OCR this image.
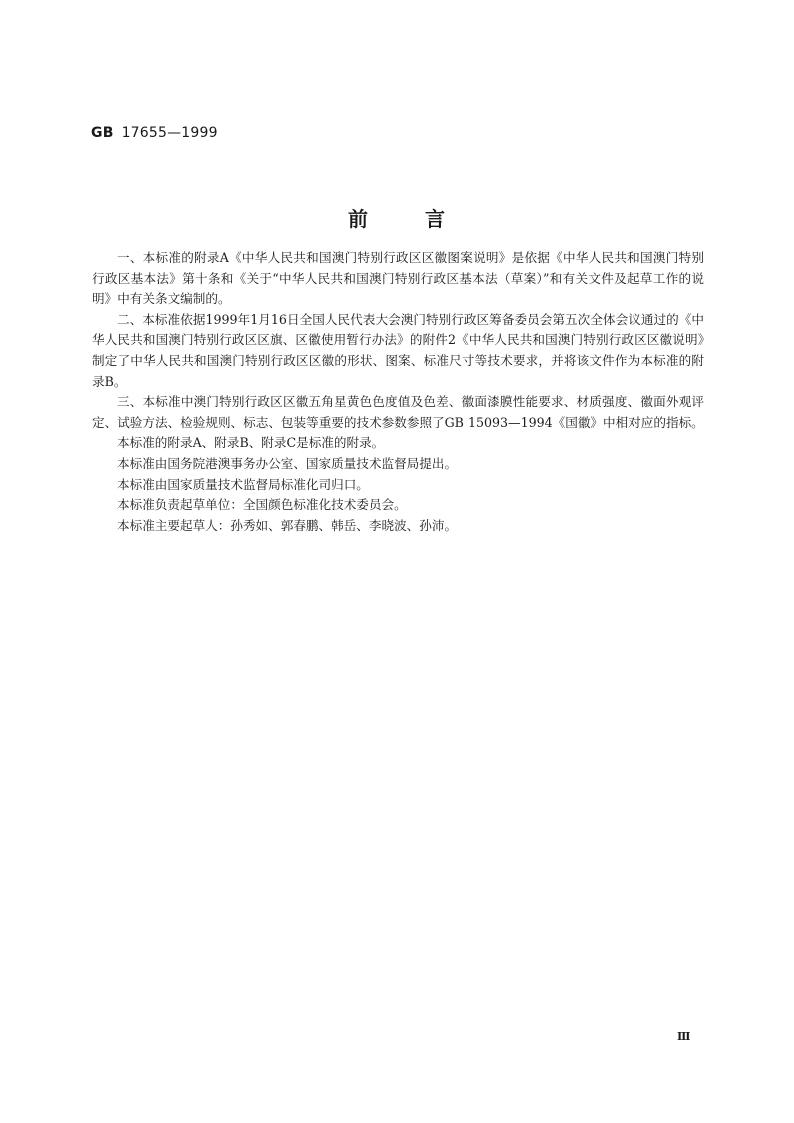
GB 17655—1999
前	言

一、本标准的附录A《中华人民共和国澳门特别行政区区徽图案说明》是依据《中华人民共和国澳门特别行政区基本法》第十条和《关于“中华人民共和国澳门特别行政区基本法（草案）”和有关文件及起草工作的说明》中有关条文编制的。

二、本标准依据1999年1月16日全国人民代表大会澳门特别行政区筹备委员会第五次全体会议通过的《中华人民共和国澳门特别行政区区旗、区徽使用暂行办法》的附件2《中华人民共和国澳门特别行政区区徽说明》制定了中华人民共和国澳门特别行政区区徽的形状、图案、标准尺寸等技术要求，并将该文件作为本标准的附录B。

三、本标准中澳门特别行政区区徽五角星黄色色度值及色差、徽面漆膜性能要求、材质强度、徽面外观评定、试验方法、检验规则、标志、包装等重要的技术参数参照了GB 15093—1994《国徽》中相对应的指标。

本标准的附录A、附录B、附录C是标准的附录。

本标准由国务院港澳事务办公室、国家质量技术监督局提出。

本标准由国家质量技术监督局标准化司归口。

本标准负责起草单位：全国颜色标准化技术委员会。

本标准主要起草人：孙秀如、郭春鹏、韩岳、李晓波、孙沛。

Ⅲ
